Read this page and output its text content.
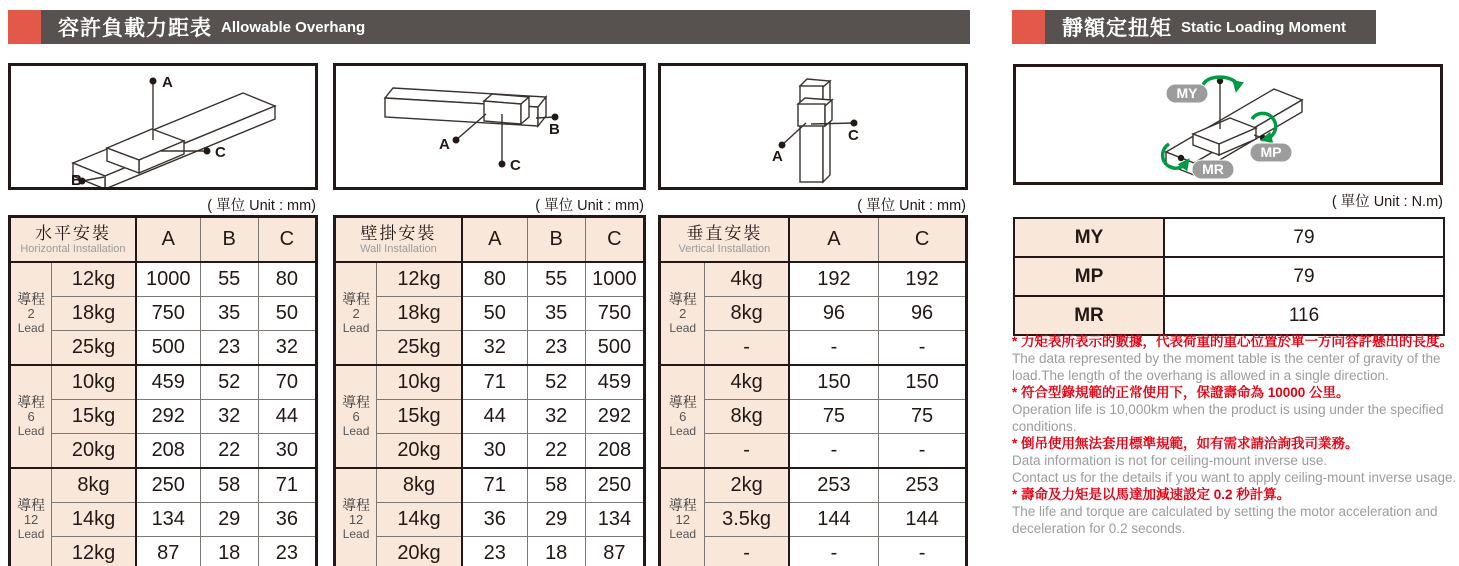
容許負載力距表 Allowable Overhang	靜額定扭矩 Static Loading Moment
A
C
B
A
C
B
A
C
MY
MP
MR
( 單位 Unit : mm)	( 單位 Unit : mm)	( 單位 Unit : mm)	( 單位 Unit : N.m)
水平安裝
Horizontal Installation		A	B	C

導程
2
Lead	12kg	1000	55	80
	18kg	750	35	50
	25kg	500	23	32

導程
6
Lead	10kg	459	52	70
	15kg	292	32	44
	20kg	208	22	30

導程
12
Lead	8kg	250	58	71
	14kg	134	29	36
	12kg	87	18	23
壁掛安裝
Wall Installation		A	B	C

導程
2
Lead	12kg	80	55	1000
	18kg	50	35	750
	25kg	32	23	500

導程
6
Lead	10kg	71	52	459
	15kg	44	32	292
	20kg	30	22	208

導程
12
Lead	8kg	71	58	250
	14kg	36	29	134
	20kg	23	18	87
垂直安裝
Vertical Installation		A	C

導程
2
Lead	4kg	192	192
	8kg	96	96
	-	-	-

導程
6
Lead	4kg	150	150
	8kg	75	75
	-	-	-

導程
12
Lead	2kg	253	253
	3.5kg	144	144
	-	-	-
MY	79
MP	79
MR	116
* 力矩表所表示的數據，代表荷重的重心位置於單一方向容許懸出的長度。
The data represented by the moment table is the center of gravity of the load.The length of the overhang is allowed in a single direction.
* 符合型錄規範的正常使用下，保證壽命為 10000 公里。
Operation life is 10,000km when the product is using under the specified conditions.
* 倒吊使用無法套用標準規範，如有需求請洽詢我司業務。
Data information is not for ceiling-mount inverse use.
Contact us for the details if you want to apply ceiling-mount inverse usage.
* 壽命及力矩是以馬達加減速設定 0.2 秒計算。
The life and torque are calculated by setting the motor acceleration and deceleration for 0.2 seconds.
